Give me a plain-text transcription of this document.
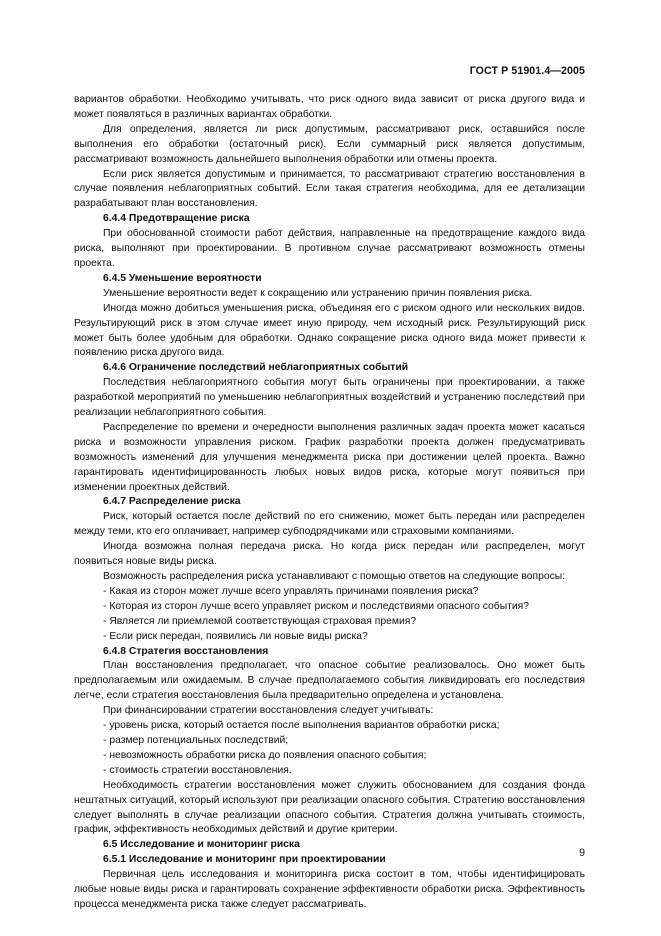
ГОСТ Р 51901.4—2005

вариантов обработки. Необходимо учитывать, что риск одного вида зависит от риска другого вида и может появляться в различных вариантах обработки.

Для определения, является ли риск допустимым, рассматривают риск, оставшийся после выполнения его обработки (остаточный риск). Если суммарный риск является допустимым, рассматривают возможность дальнейшего выполнения обработки или отмены проекта.

Если риск является допустимым и принимается, то рассматривают стратегию восстановления в случае появления неблагоприятных событий. Если такая стратегия необходима, для ее детализации разрабатывают план восстановления.

6.4.4 Предотвращение риска

При обоснованной стоимости работ действия, направленные на предотвращение каждого вида риска, выполняют при проектировании. В противном случае рассматривают возможность отмены проекта.

6.4.5 Уменьшение вероятности

Уменьшение вероятности ведет к сокращению или устранению причин появления риска.

Иногда можно добиться уменьшения риска, объединяя его с риском одного или нескольких видов. Результирующий риск в этом случае имеет иную природу, чем исходный риск. Результирующий риск может быть более удобным для обработки. Однако сокращение риска одного вида может привести к появлению риска другого вида.

6.4.6 Ограничение последствий неблагоприятных событий

Последствия неблагоприятного события могут быть ограничены при проектировании, а также разработкой мероприятий по уменьшению неблагоприятных воздействий и устранению последствий при реализации неблагоприятного события.

Распределение по времени и очередности выполнения различных задач проекта может касаться риска и возможности управления риском. График разработки проекта должен предусматривать возможность изменений для улучшения менеджмента риска при достижении целей проекта. Важно гарантировать идентифицированность любых новых видов риска, которые могут появиться при изменении проектных действий.

6.4.7 Распределение риска

Риск, который остается после действий по его снижению, может быть передан или распределен между теми, кто его оплачивает, например субподрядчиками или страховыми компаниями.

Иногда возможна полная передача риска. Но когда риск передан или распределен, могут появиться новые виды риска.

Возможность распределения риска устанавливают с помощью ответов на следующие вопросы:

- Какая из сторон может лучше всего управлять причинами появления риска?

- Которая из сторон лучше всего управляет риском и последствиями опасного события?

- Является ли приемлемой соответствующая страховая премия?

- Если риск передан, появились ли новые виды риска?

6.4.8 Стратегия восстановления

План восстановления предполагает, что опасное событие реализовалось. Оно может быть предполагаемым или ожидаемым. В случае предполагаемого события ликвидировать его последствия легче, если стратегия восстановления была предварительно определена и установлена.

При финансировании стратегии восстановления следует учитывать:

- уровень риска, который остается после выполнения вариантов обработки риска;

- размер потенциальных последствий;

- невозможность обработки риска до появления опасного события;

- стоимость стратегии восстановления.

Необходимость стратегии восстановления может служить обоснованием для создания фонда нештатных ситуаций, который используют при реализации опасного события. Стратегию восстановления следует выполнять в случае реализации опасного события. Стратегия должна учитывать стоимость, график, эффективность необходимых действий и другие критерии.

6.5 Исследование и мониторинг риска
6.5.1 Исследование и мониторинг при проектировании

Первичная цель исследования и мониторинга риска состоит в том, чтобы идентифицировать любые новые виды риска и гарантировать сохранение эффективности обработки риска. Эффективность процесса менеджмента риска также следует рассматривать.

9
